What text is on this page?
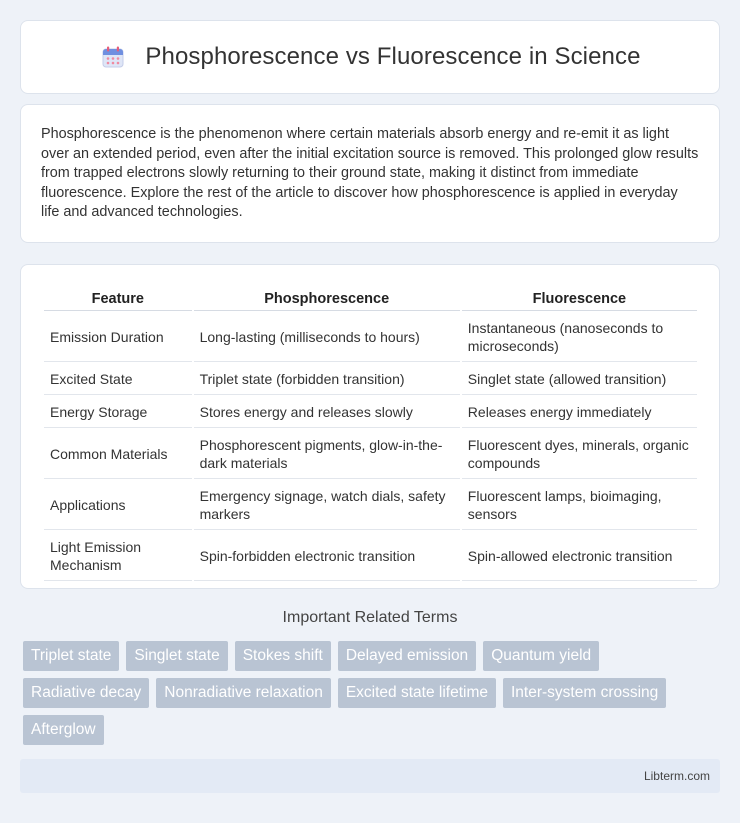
Phosphorescence vs Fluorescence in Science

Phosphorescence is the phenomenon where certain materials absorb energy and re-emit it as light over an extended period, even after the initial excitation source is removed. This prolonged glow results from trapped electrons slowly returning to their ground state, making it distinct from immediate fluorescence. Explore the rest of the article to discover how phosphorescence is applied in everyday life and advanced technologies.

Feature	Phosphorescence	Fluorescence
Emission Duration	Long-lasting (milliseconds to hours)	Instantaneous (nanoseconds to microseconds)
Excited State	Triplet state (forbidden transition)	Singlet state (allowed transition)
Energy Storage	Stores energy and releases slowly	Releases energy immediately
Common Materials	Phosphorescent pigments, glow-in-the-dark materials	Fluorescent dyes, minerals, organic compounds
Applications	Emergency signage, watch dials, safety markers	Fluorescent lamps, bioimaging, sensors
Light Emission Mechanism	Spin-forbidden electronic transition	Spin-allowed electronic transition
Important Related Terms
Triplet state	Singlet state	Stokes shift	Delayed emission	Quantum yield
Radiative decay	Nonradiative relaxation	Excited state lifetime	Inter-system crossing
Afterglow
Libterm.com
